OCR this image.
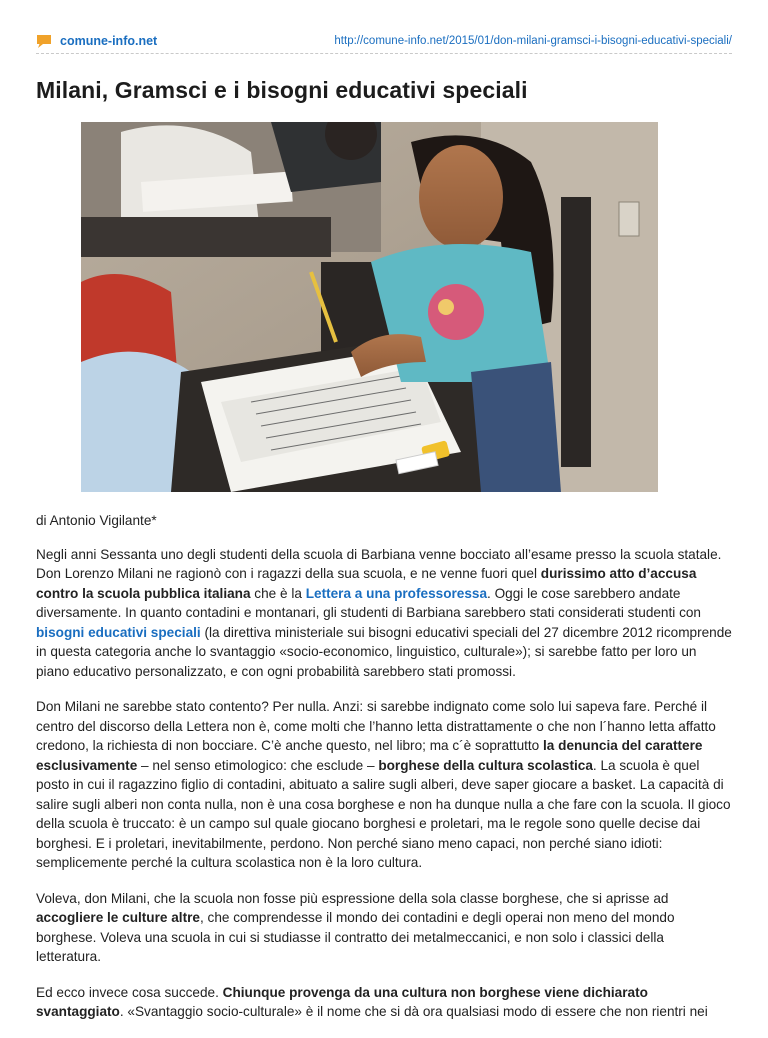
comune-info.net	http://comune-info.net/2015/01/don-milani-gramsci-i-bisogni-educativi-speciali/
Milani, Gramsci e i bisogni educativi speciali

di Antonio Vigilante*

Negli anni Sessanta uno degli studenti della scuola di Barbiana venne bocciato all’esame presso la scuola statale. Don Lorenzo Milani ne ragionò con i ragazzi della sua scuola, e ne venne fuori quel durissimo atto d’accusa contro la scuola pubblica italiana che è la Lettera a una professoressa. Oggi le cose sarebbero andate diversamente. In quanto contadini e montanari, gli studenti di Barbiana sarebbero stati considerati studenti con bisogni educativi speciali (la direttiva ministeriale sui bisogni educativi speciali del 27 dicembre 2012 ricomprende in questa categoria anche lo svantaggio «socio-economico, linguistico, culturale»); si sarebbe fatto per loro un piano educativo personalizzato, e con ogni probabilità sarebbero stati promossi.

Don Milani ne sarebbe stato contento? Per nulla. Anzi: si sarebbe indignato come solo lui sapeva fare. Perché il centro del discorso della Lettera non è, come molti che l’hanno letta distrattamente o che non l´hanno letta affatto credono, la richiesta di non bocciare. C’è anche questo, nel libro; ma c´è soprattutto la denuncia del carattere esclusivamente – nel senso etimologico: che esclude – borghese della cultura scolastica. La scuola è quel posto in cui il ragazzino figlio di contadini, abituato a salire sugli alberi, deve saper giocare a basket. La capacità di salire sugli alberi non conta nulla, non è una cosa borghese e non ha dunque nulla a che fare con la scuola. Il gioco della scuola è truccato: è un campo sul quale giocano borghesi e proletari, ma le regole sono quelle decise dai borghesi. E i proletari, inevitabilmente, perdono. Non perché siano meno capaci, non perché siano idioti: semplicemente perché la cultura scolastica non è la loro cultura.

Voleva, don Milani, che la scuola non fosse più espressione della sola classe borghese, che si aprisse ad accogliere le culture altre, che comprendesse il mondo dei contadini e degli operai non meno del mondo borghese. Voleva una scuola in cui si studiasse il contratto dei metalmeccanici, e non solo i classici della letteratura.

Ed ecco invece cosa succede. Chiunque provenga da una cultura non borghese viene dichiarato svantaggiato. «Svantaggio socio-culturale» è il nome che si dà ora qualsiasi modo di essere che non rientri nei
